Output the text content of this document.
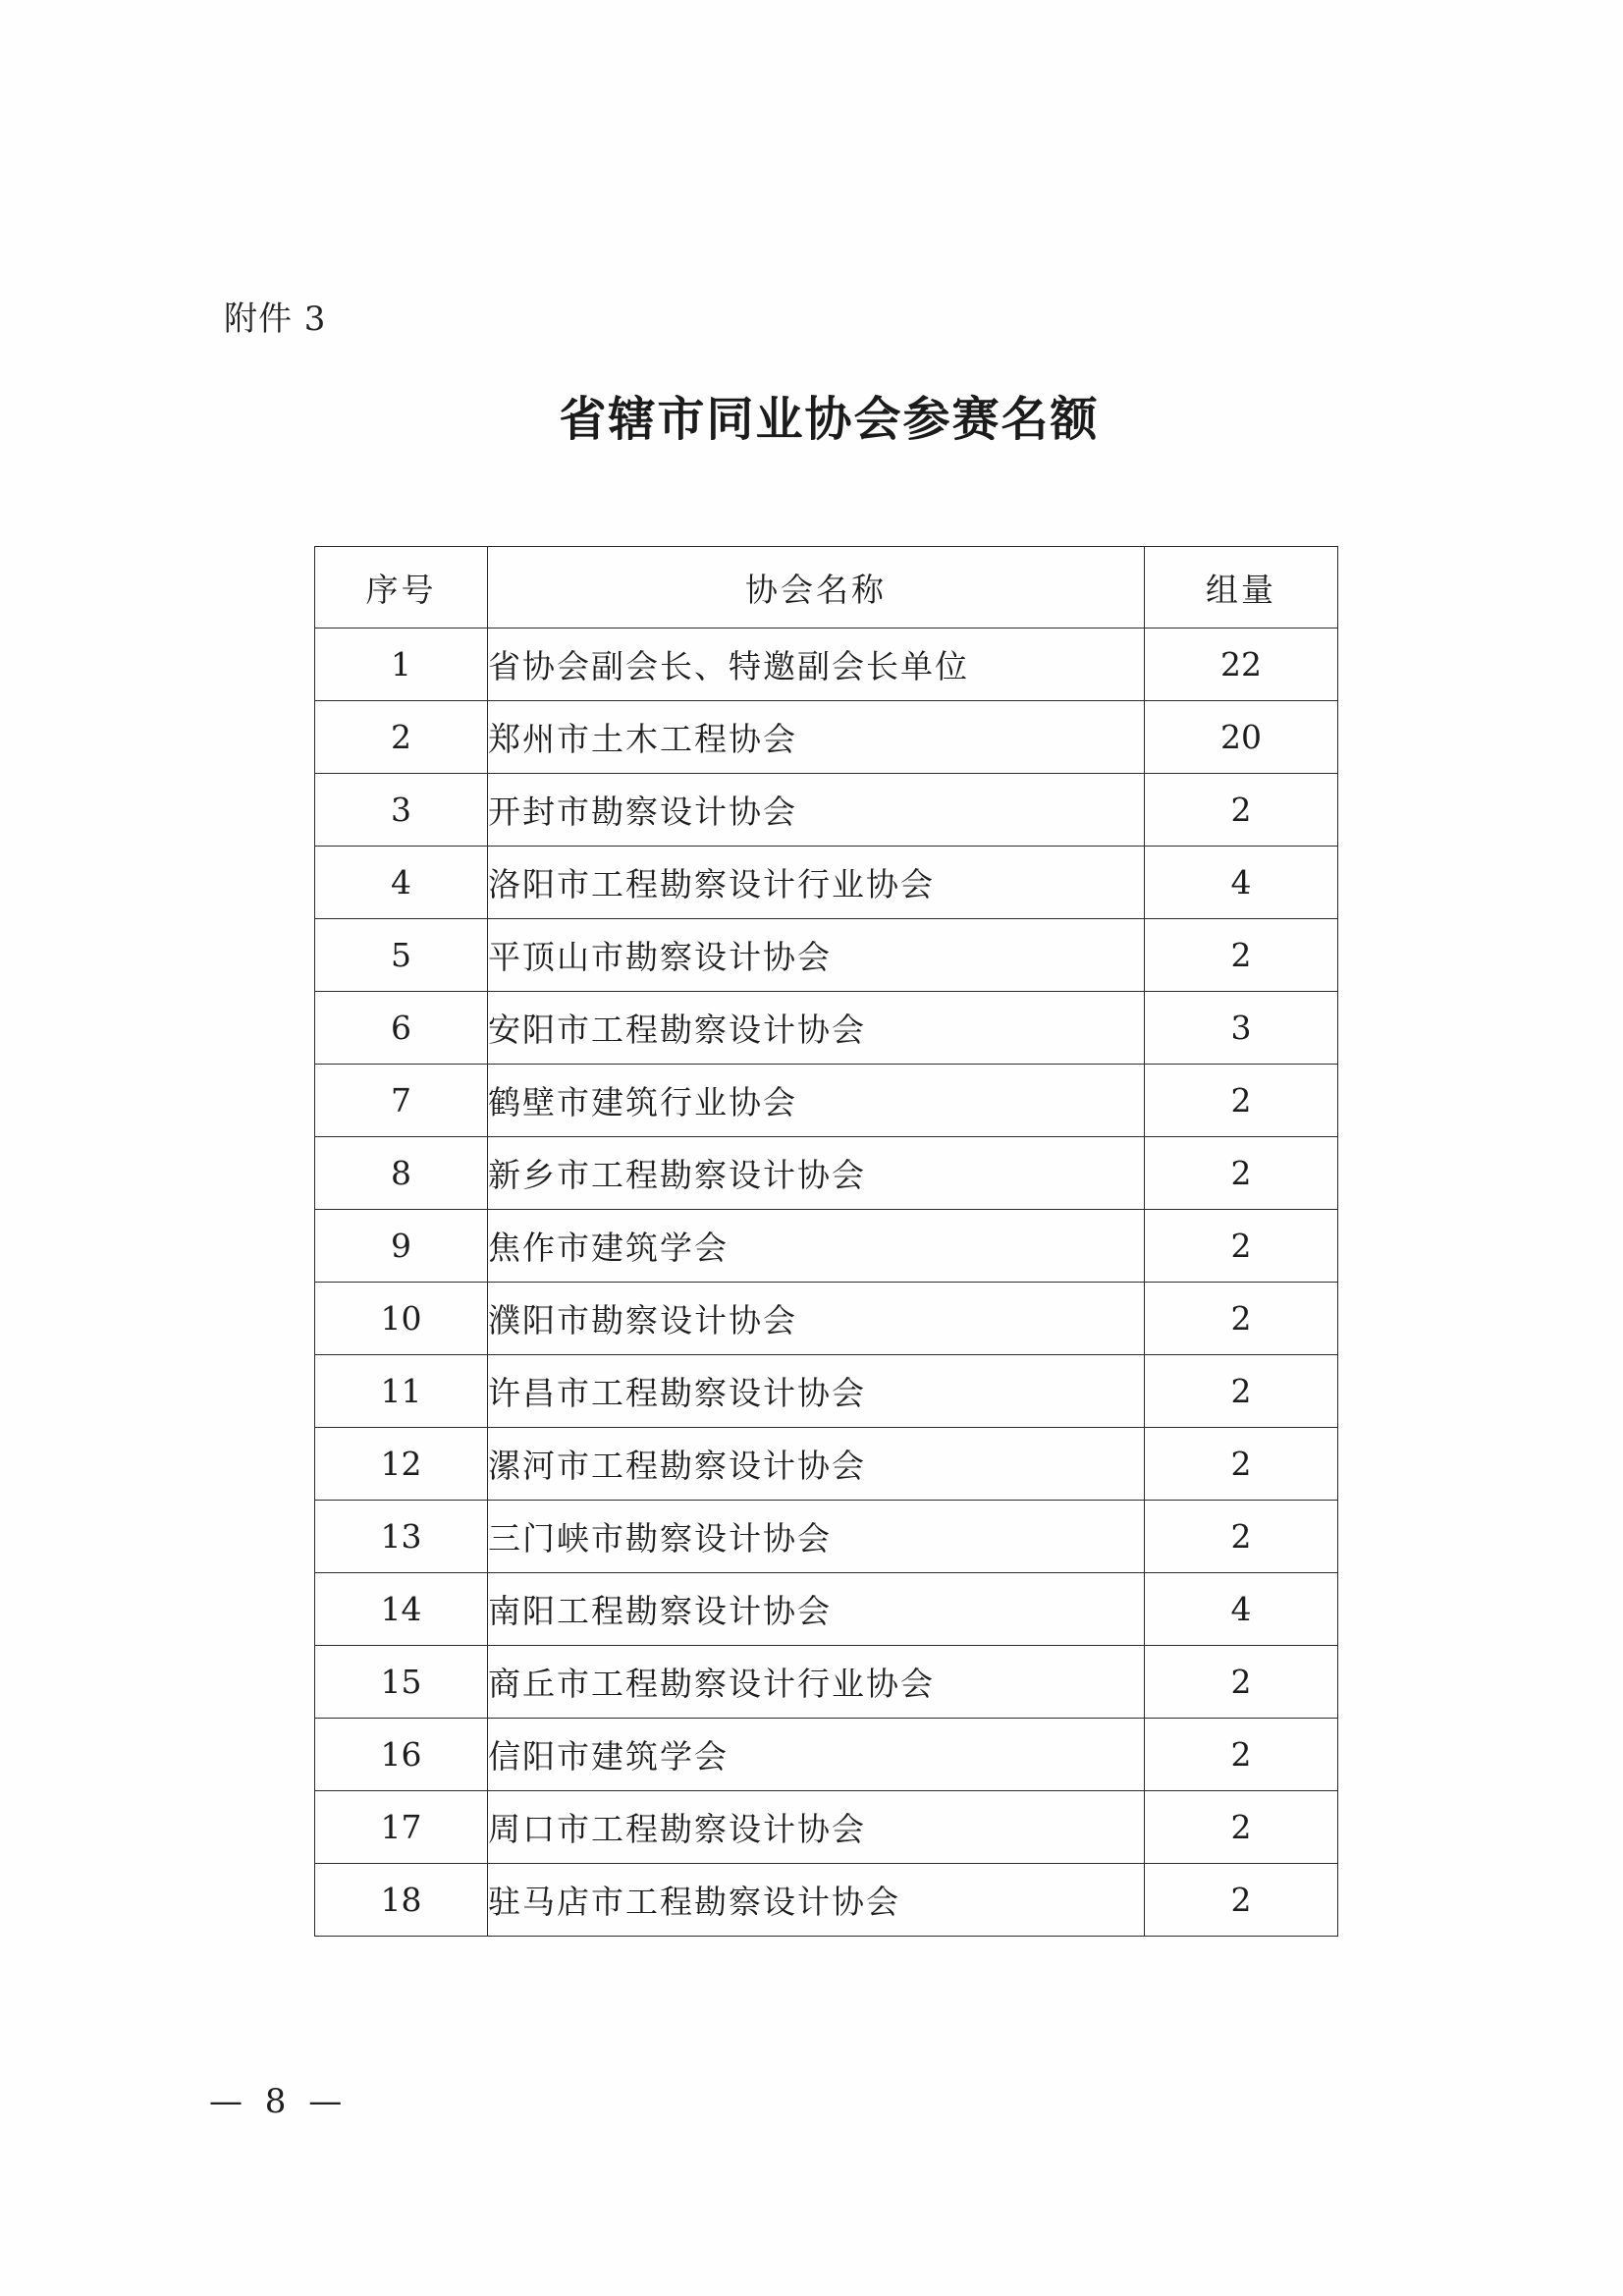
附件 3
省辖市同业协会参赛名额
序号	协会名称	组量
1	省协会副会长、特邀副会长单位	22
2	郑州市土木工程协会	20
3	开封市勘察设计协会	2
4	洛阳市工程勘察设计行业协会	4
5	平顶山市勘察设计协会	2
6	安阳市工程勘察设计协会	3
7	鹤壁市建筑行业协会	2
8	新乡市工程勘察设计协会	2
9	焦作市建筑学会	2
10	濮阳市勘察设计协会	2
11	许昌市工程勘察设计协会	2
12	漯河市工程勘察设计协会	2
13	三门峡市勘察设计协会	2
14	南阳工程勘察设计协会	4
15	商丘市工程勘察设计行业协会	2
16	信阳市建筑学会	2
17	周口市工程勘察设计协会	2
18	驻马店市工程勘察设计协会	2
— 8 —
